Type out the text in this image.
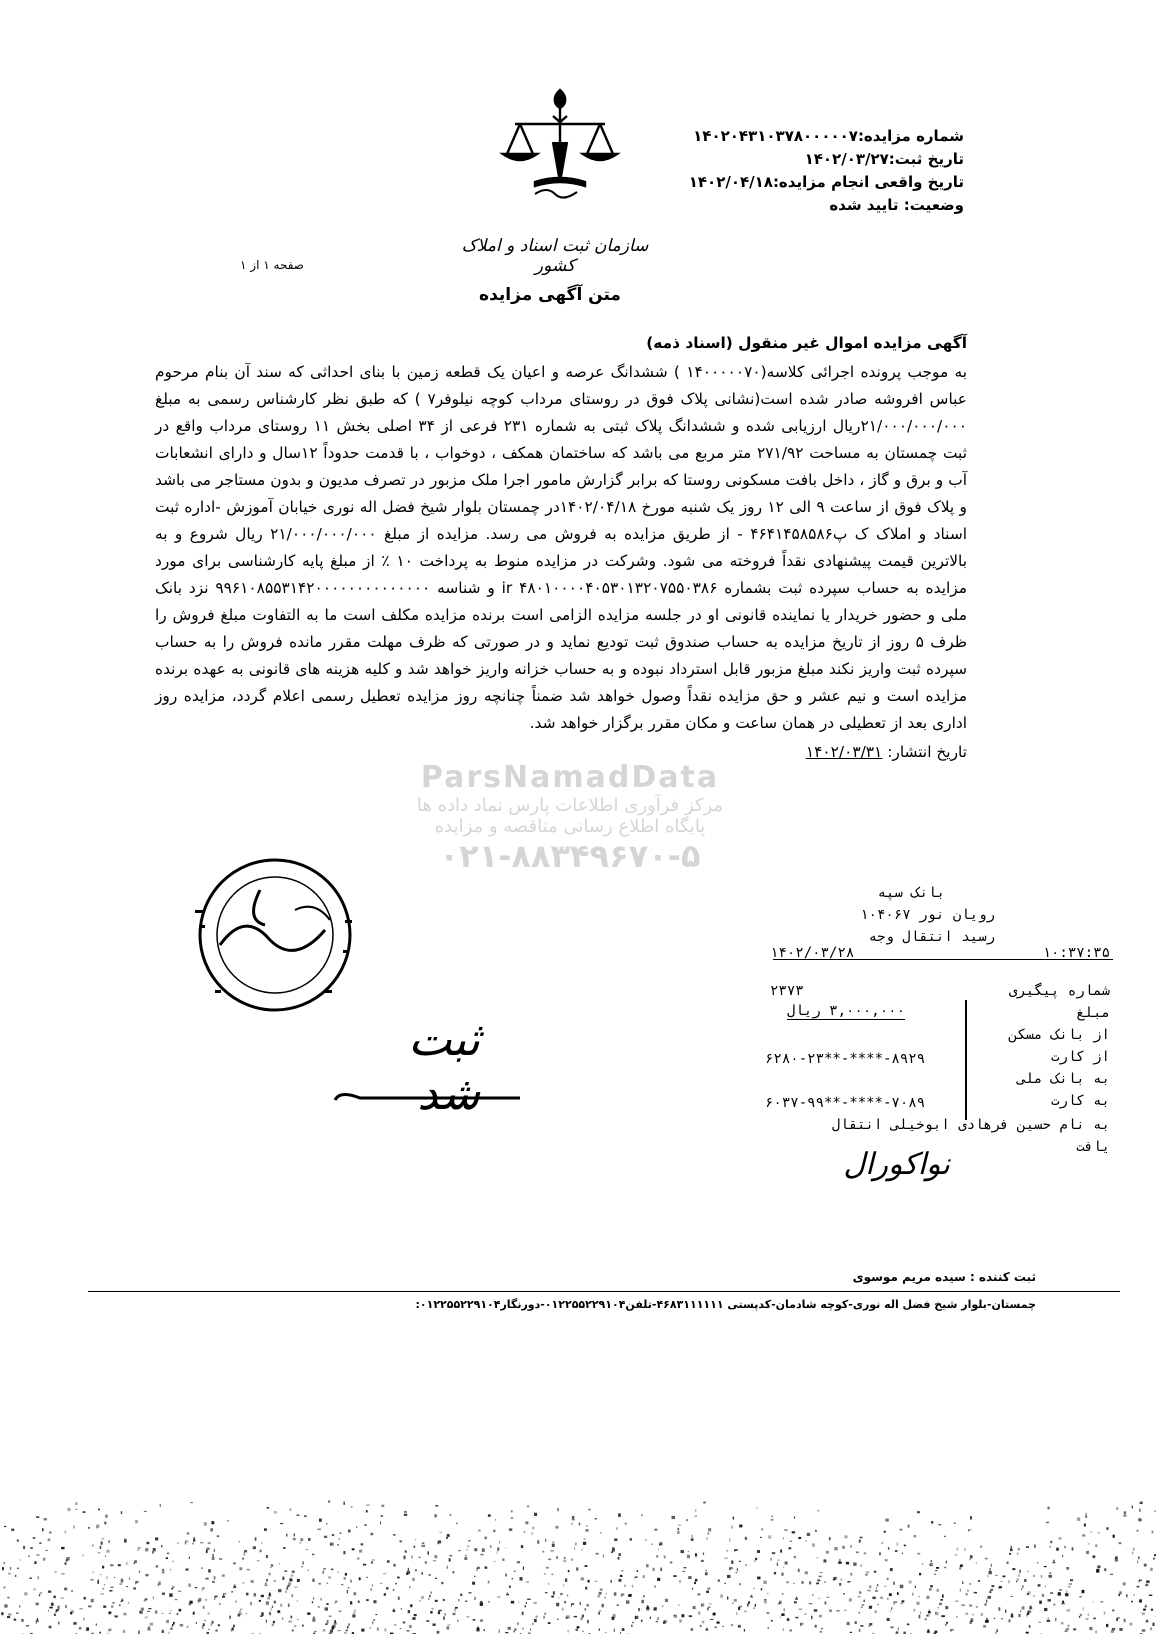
شماره مزایده:۱۴۰۲۰۴۳۱۰۳۷۸۰۰۰۰۰۷
تاریخ ثبت:۱۴۰۲/۰۳/۲۷
تاریخ واقعی انجام مزایده:۱۴۰۲/۰۴/۱۸
وضعیت: تایید شده
سازمان ثبت اسناد و املاک کشور
صفحه ۱ از ۱
متن آگهی مزایده

آگهی مزایده اموال غیر منقول (اسناد ذمه)

به موجب پرونده اجرائی کلاسه(۱۴۰۰۰۰۰۷۰ ) ششدانگ عرصه و اعیان یک قطعه زمین با بنای احداثی که سند آن بنام مرحوم عباس افروشه صادر شده است(نشانی پلاک فوق در روستای مرداب کوچه نیلوفر۷ ) که طبق نظر کارشناس رسمی به مبلغ ۲۱/۰۰۰/۰۰۰/۰۰۰ریال ارزیابی شده و ششدانگ پلاک ثبتی به شماره ۲۳۱ فرعی از ۳۴ اصلی بخش ۱۱ روستای مرداب واقع در ثبت چمستان به مساحت ۲۷۱/۹۲ متر مربع می باشد که ساختمان همکف ، دوخواب ، با قدمت حدوداً ۱۲سال و دارای انشعابات آب و برق و گاز ، داخل بافت مسکونی روستا که برابر گزارش مامور اجرا ملک مزبور در تصرف مدیون و بدون مستاجر می باشد و پلاک فوق از ساعت ۹ الی ۱۲ روز یک شنبه مورخ ۱۴۰۲/۰۴/۱۸در چمستان بلوار شیخ فضل اله نوری خیابان آموزش -اداره ثبت اسناد و املاک ک پ۴۶۴۱۴۵۸۵۸۶ - از طریق مزایده به فروش می رسد. مزایده از مبلغ ۲۱/۰۰۰/۰۰۰/۰۰۰ ریال شروع و به بالاترین قیمت پیشنهادی نقداً فروخته می شود. وشرکت در مزایده منوط به پرداخت ۱۰ ٪ از مبلغ پایه کارشناسی برای مورد مزایده به حساب سپرده ثبت بشماره ir ۴۸۰۱۰۰۰۰۴۰۵۳۰۱۳۲۰۷۵۵۰۳۸۶ و شناسه ۹۹۶۱۰۸۵۵۳۱۴۲۰۰۰۰۰۰۰۰۰۰۰۰۰۰ نزد بانک ملی و حضور خریدار یا نماینده قانونی او در جلسه مزایده الزامی است برنده مزایده مکلف است ما به التفاوت مبلغ فروش را ظرف ۵ روز از تاریخ مزایده به حساب صندوق ثبت تودیع نماید و در صورتی که ظرف مهلت مقرر مانده فروش را به حساب سپرده ثبت واریز نکند مبلغ مزبور قابل استرداد نبوده و به حساب خزانه واریز خواهد شد و کلیه هزینه های قانونی به عهده برنده مزایده است و نیم عشر و حق مزایده نقداً وصول خواهد شد ضمناً چنانچه روز مزایده تعطیل رسمی اعلام گردد، مزایده روز اداری بعد از تعطیلی در همان ساعت و مکان مقرر برگزار خواهد شد.

تاریخ انتشار: ۱۴۰۲/۰۳/۳۱
ParsNamadData
مرکز فرآوری اطلاعات پارس نماد داده ها
پایگاه اطلاع رسانی مناقصه و مزایده
۰۲۱-۸۸۳۴۹۶۷۰-۵
ثبت شد
بانک سپه
رویان نور ۱۰۴۰۶۷
رسید انتقال وجه
۱۴۰۲/۰۳/۲۸	۱۰:۳۷:۳۵
شماره پیگیری
۲۳۷۳
مبلغ
۳,۰۰۰,۰۰۰ ریال
از بانک مسکن
از کارت
۶۲۸۰-۲۳**-****-۸۹۲۹
به بانک ملی
به کارت
۶۰۳۷-۹۹**-****-۷۰۸۹
به نام حسین فرهادی ابوخیلی انتقال
یافت
نواکورال
ثبت کننده : سیده مریم موسوی
چمستان-بلوار شیخ فضل اله نوری-کوچه شادمان-کدپستی ۴۶۸۳۱۱۱۱۱۱-تلفن۰۱۲۲۵۵۲۲۹۱۰۴-دورنگار۰۱۲۲۵۵۲۲۹۱۰۴:
